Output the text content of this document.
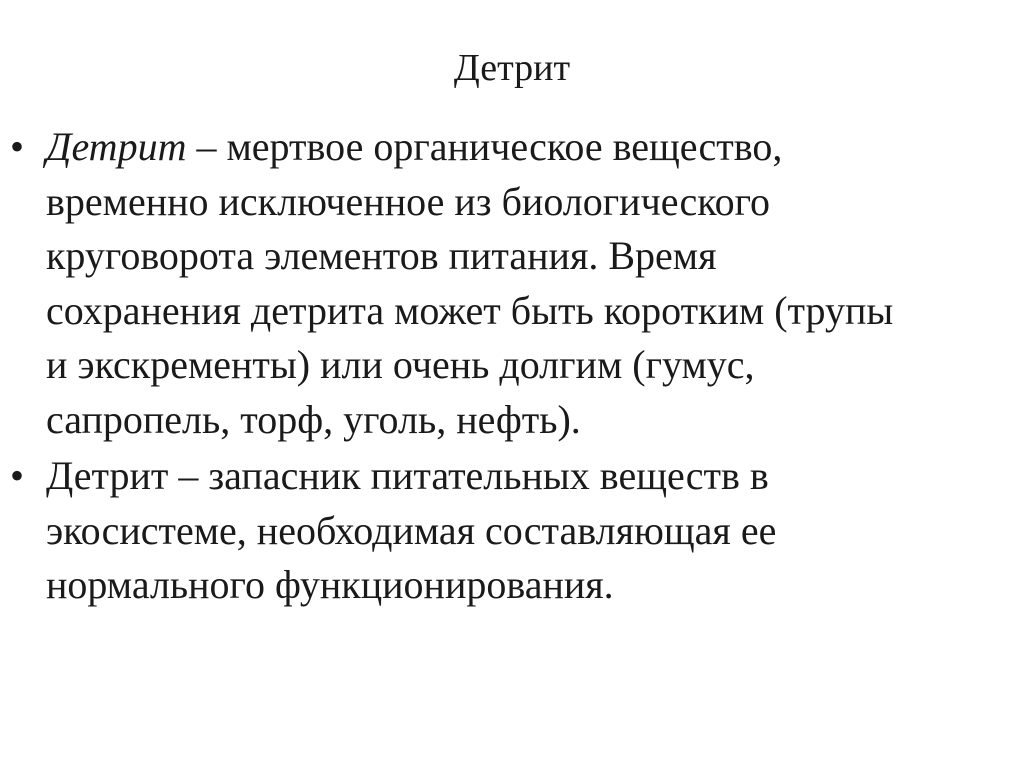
Детрит
• Детрит – мертвое органическое вещество,
временно исключенное из биологического
круговорота элементов питания. Время
сохранения детрита может быть коротким (трупы
и экскременты) или очень долгим (гумус,
сапропель, торф, уголь, нефть).
• Детрит – запасник питательных веществ в
экосистеме, необходимая составляющая ее
нормального функционирования.
